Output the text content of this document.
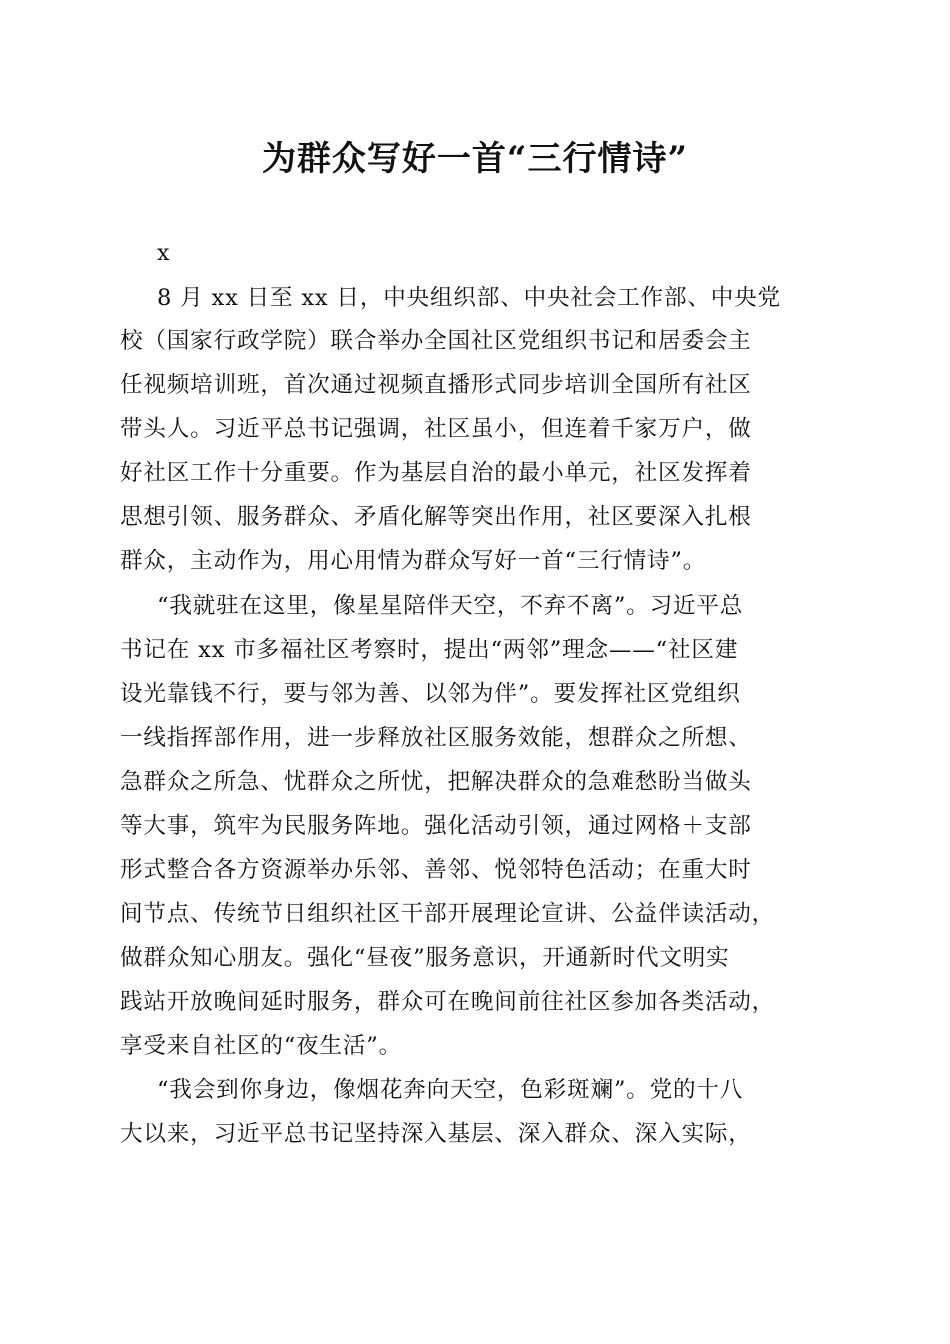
为群众写好一首“三行情诗”

x

8 月 xx 日至 xx 日，中央组织部、中央社会工作部、中央党

校（国家行政学院）联合举办全国社区党组织书记和居委会主

任视频培训班，首次通过视频直播形式同步培训全国所有社区

带头人。习近平总书记强调，社区虽小，但连着千家万户，做

好社区工作十分重要。作为基层自治的最小单元，社区发挥着

思想引领、服务群众、矛盾化解等突出作用，社区要深入扎根

群众，主动作为，用心用情为群众写好一首“三行情诗”。

“我就驻在这里，像星星陪伴天空，不弃不离”。习近平总

书记在 xx 市多福社区考察时，提出“两邻”理念——“社区建

设光靠钱不行，要与邻为善、以邻为伴”。要发挥社区党组织

一线指挥部作用，进一步释放社区服务效能，想群众之所想、

急群众之所急、忧群众之所忧，把解决群众的急难愁盼当做头

等大事，筑牢为民服务阵地。强化活动引领，通过网格＋支部

形式整合各方资源举办乐邻、善邻、悦邻特色活动；在重大时

间节点、传统节日组织社区干部开展理论宣讲、公益伴读活动，

做群众知心朋友。强化“昼夜”服务意识，开通新时代文明实

践站开放晚间延时服务，群众可在晚间前往社区参加各类活动，

享受来自社区的“夜生活”。

“我会到你身边，像烟花奔向天空，色彩斑斓”。党的十八

大以来，习近平总书记坚持深入基层、深入群众、深入实际，
